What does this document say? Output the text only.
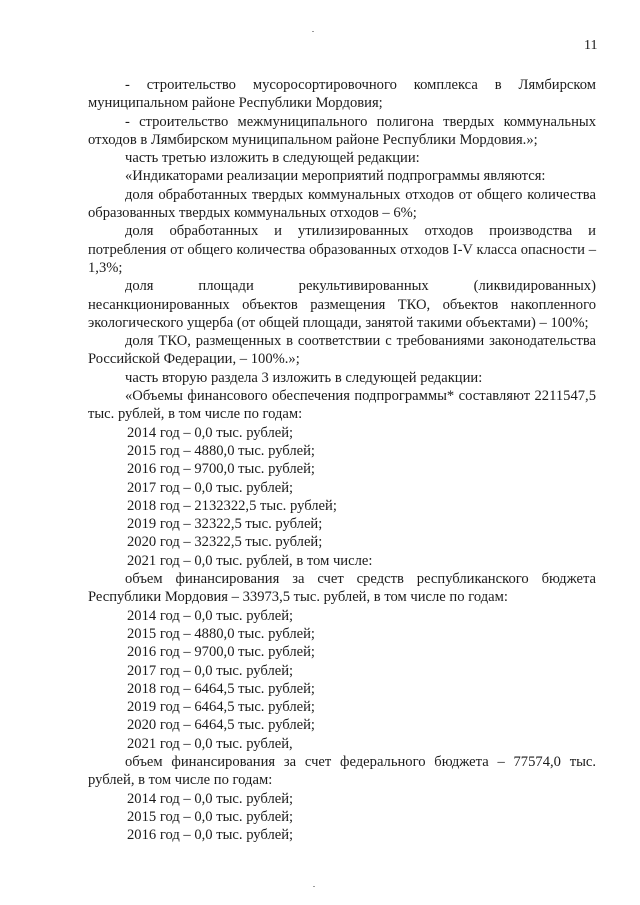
11

- строительство мусоросортировочного комплекса в Лямбирском муниципальном районе Республики Мордовия;

- строительство межмуниципального полигона твердых коммунальных отходов в Лямбирском муниципальном районе Республики Мордовия.»;

часть третью изложить в следующей редакции:

«Индикаторами реализации мероприятий подпрограммы являются:

доля обработанных твердых коммунальных отходов от общего количества образованных твердых коммунальных отходов – 6%;

доля обработанных и утилизированных отходов производства и потребления от общего количества образованных отходов I-V класса опасности – 1,3%;

доля	площади	рекультивированных	(ликвидированных)

несанкционированных объектов размещения ТКО, объектов накопленного экологического ущерба (от общей площади, занятой такими объектами) – 100%;

доля ТКО, размещенных в соответствии с требованиями законодательства Российской Федерации, – 100%.»;

часть вторую раздела 3 изложить в следующей редакции:

«Объемы финансового обеспечения подпрограммы* составляют 2211547,5 тыс. рублей, в том числе по годам:

2014 год – 0,0 тыс. рублей;
2015 год – 4880,0 тыс. рублей;
2016 год – 9700,0 тыс. рублей;
2017 год – 0,0 тыс. рублей;
2018 год – 2132322,5 тыс. рублей;
2019 год – 32322,5 тыс. рублей;
2020 год – 32322,5 тыс. рублей;
2021 год – 0,0 тыс. рублей, в том числе:

объем финансирования за счет средств республиканского бюджета Республики Мордовия – 33973,5 тыс. рублей, в том числе по годам:

2014 год – 0,0 тыс. рублей;
2015 год – 4880,0 тыс. рублей;
2016 год – 9700,0 тыс. рублей;
2017 год – 0,0 тыс. рублей;
2018 год – 6464,5 тыс. рублей;
2019 год – 6464,5 тыс. рублей;
2020 год – 6464,5 тыс. рублей;
2021 год – 0,0 тыс. рублей,

объем финансирования за счет федерального бюджета – 77574,0 тыс. рублей, в том числе по годам:

2014 год – 0,0 тыс. рублей;
2015 год – 0,0 тыс. рублей;
2016 год – 0,0 тыс. рублей;
